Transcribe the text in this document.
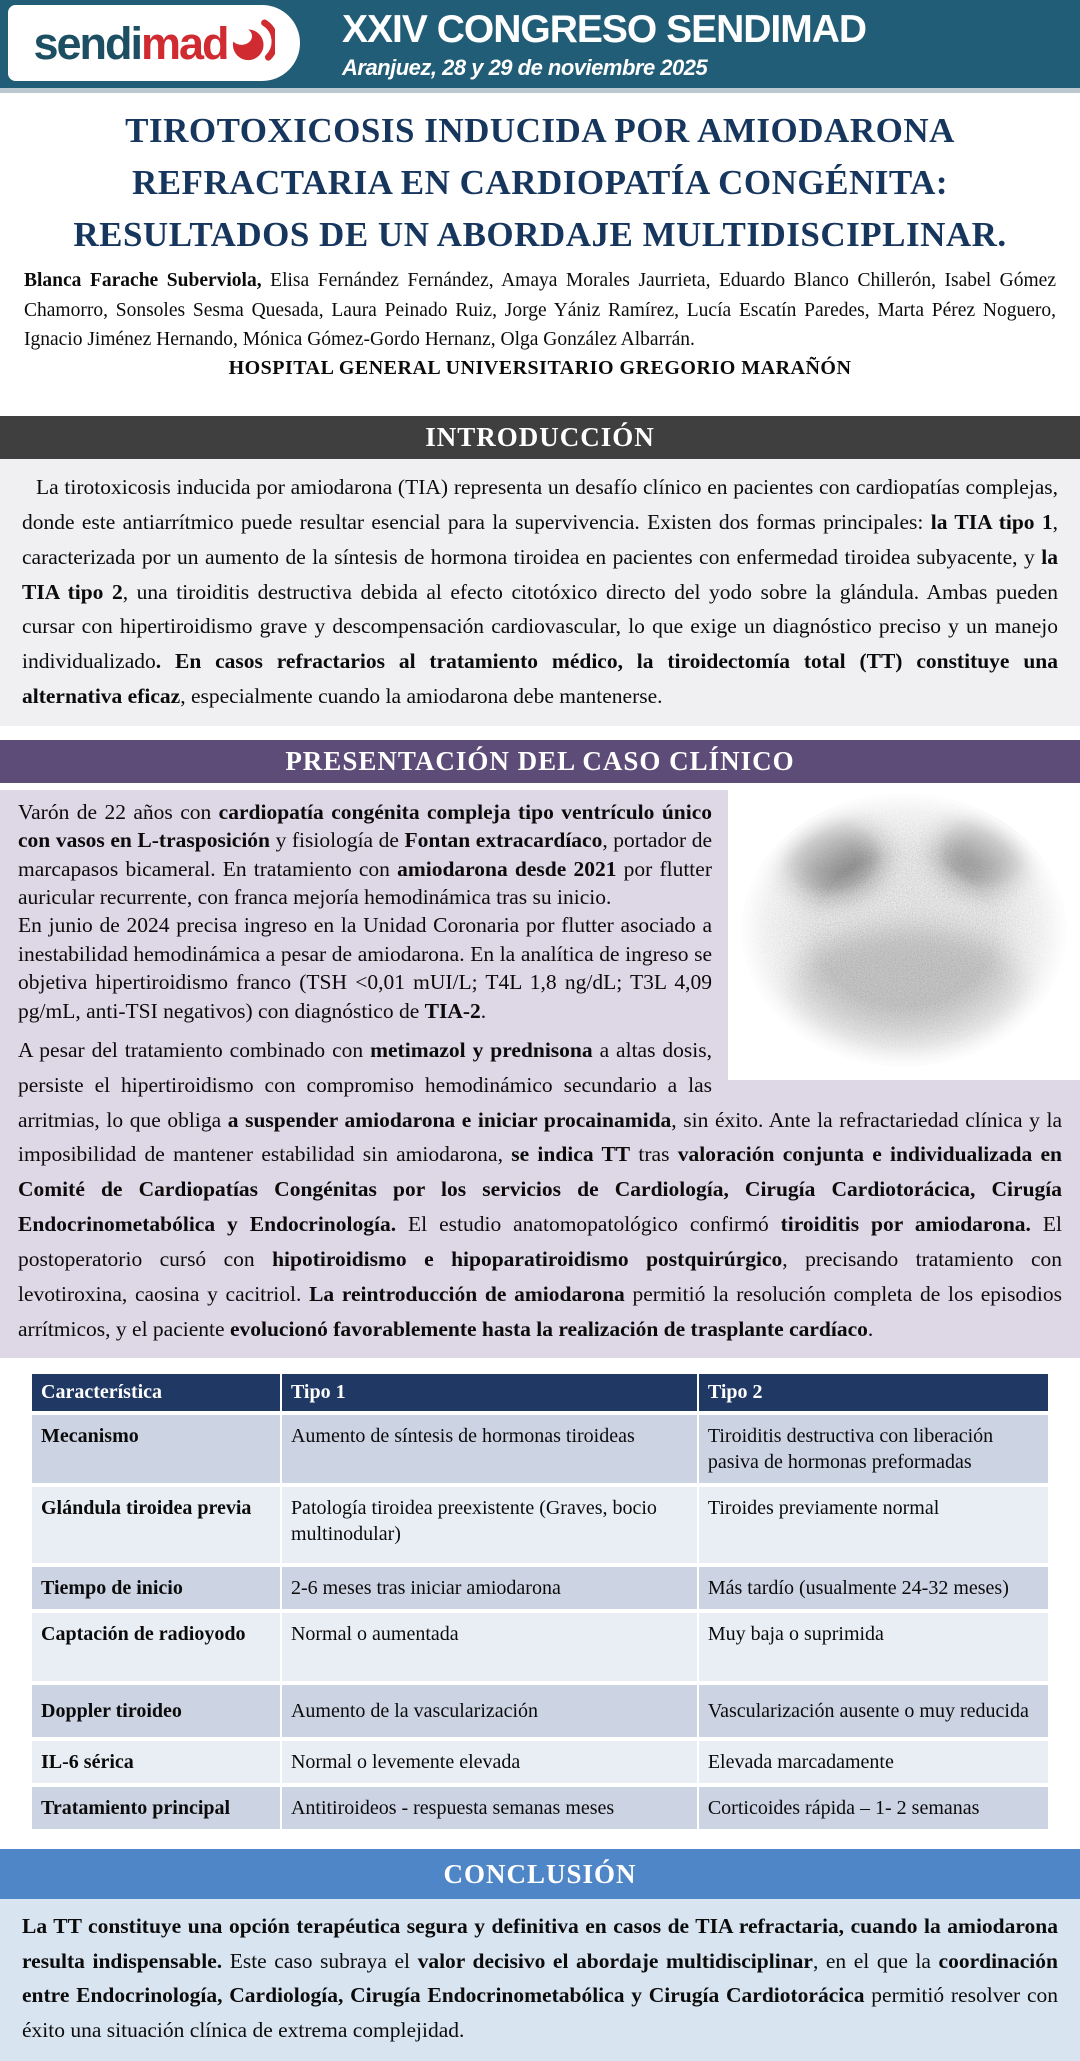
sendi mad	XXIV CONGRESO SENDIMAD
Aranjuez, 28 y 29 de noviembre 2025
TIROTOXICOSIS INDUCIDA POR AMIODARONA
REFRACTARIA EN CARDIOPATÍA CONGÉNITA:
RESULTADOS DE UN ABORDAJE MULTIDISCIPLINAR.

Blanca Farache Suberviola, Elisa Fernández Fernández, Amaya Morales Jaurrieta, Eduardo Blanco Chillerón, Isabel Gómez Chamorro, Sonsoles Sesma Quesada, Laura Peinado Ruiz, Jorge Yániz Ramírez, Lucía Escatín Paredes, Marta Pérez Noguero, Ignacio Jiménez Hernando, Mónica Gómez-Gordo Hernanz, Olga González Albarrán.

HOSPITAL GENERAL UNIVERSITARIO GREGORIO MARAÑÓN
INTRODUCCIÓN
La tirotoxicosis inducida por amiodarona (TIA) representa un desafío clínico en pacientes con cardiopatías complejas, donde este antiarrítmico puede resultar esencial para la supervivencia. Existen dos formas principales: la TIA tipo 1, caracterizada por un aumento de la síntesis de hormona tiroidea en pacientes con enfermedad tiroidea subyacente, y la TIA tipo 2, una tiroiditis destructiva debida al efecto citotóxico directo del yodo sobre la glándula. Ambas pueden cursar con hipertiroidismo grave y descompensación cardiovascular, lo que exige un diagnóstico preciso y un manejo individualizado. En casos refractarios al tratamiento médico, la tiroidectomía total (TT) constituye una alternativa eficaz, especialmente cuando la amiodarona debe mantenerse.
PRESENTACIÓN DEL CASO CLÍNICO

Varón de 22 años con cardiopatía congénita compleja tipo ventrículo único con vasos en L-trasposición y fisiología de Fontan extracardíaco, portador de marcapasos bicameral. En tratamiento con amiodarona desde 2021 por flutter auricular recurrente, con franca mejoría hemodinámica tras su inicio.

En junio de 2024 precisa ingreso en la Unidad Coronaria por flutter asociado a inestabilidad hemodinámica a pesar de amiodarona. En la analítica de ingreso se objetiva hipertiroidismo franco (TSH <0,01 mUI/L; T4L 1,8 ng/dL; T3L 4,09 pg/mL, anti-TSI negativos) con diagnóstico de TIA-2.

A pesar del tratamiento combinado con metimazol y prednisona a altas dosis, persiste el hipertiroidismo con compromiso hemodinámico secundario a las arritmias, lo que obliga a suspender amiodarona e iniciar procainamida, sin éxito. Ante la refractariedad clínica y la imposibilidad de mantener estabilidad sin amiodarona, se indica TT tras valoración conjunta e individualizada en Comité de Cardiopatías Congénitas por los servicios de Cardiología, Cirugía Cardiotorácica, Cirugía Endocrinometabólica y Endocrinología. El estudio anatomopatológico confirmó tiroiditis por amiodarona. El postoperatorio cursó con hipotiroidismo e hipoparatiroidismo postquirúrgico, precisando tratamiento con levotiroxina, caosina y cacitriol. La reintroducción de amiodarona permitió la resolución completa de los episodios arrítmicos, y el paciente evolucionó favorablemente hasta la realización de trasplante cardíaco.

Característica	Tipo 1	Tipo 2
Mecanismo	Aumento de síntesis de hormonas tiroideas	Tiroiditis destructiva con liberación pasiva de hormonas preformadas
Glándula tiroidea previa	Patología tiroidea preexistente (Graves, bocio multinodular)	Tiroides previamente normal
Tiempo de inicio	2-6 meses tras iniciar amiodarona	Más tardío (usualmente 24-32 meses)
Captación de radioyodo	Normal o aumentada	Muy baja o suprimida
Doppler tiroideo	Aumento de la vascularización	Vascularización ausente o muy reducida
IL-6 sérica	Normal o levemente elevada	Elevada marcadamente
Tratamiento principal	Antitiroideos - respuesta semanas meses	Corticoides rápida – 1- 2 semanas
CONCLUSIÓN
La TT constituye una opción terapéutica segura y definitiva en casos de TIA refractaria, cuando la amiodarona resulta indispensable. Este caso subraya el valor decisivo el abordaje multidisciplinar, en el que la coordinación entre Endocrinología, Cardiología, Cirugía Endocrinometabólica y Cirugía Cardiotorácica permitió resolver con éxito una situación clínica de extrema complejidad.
